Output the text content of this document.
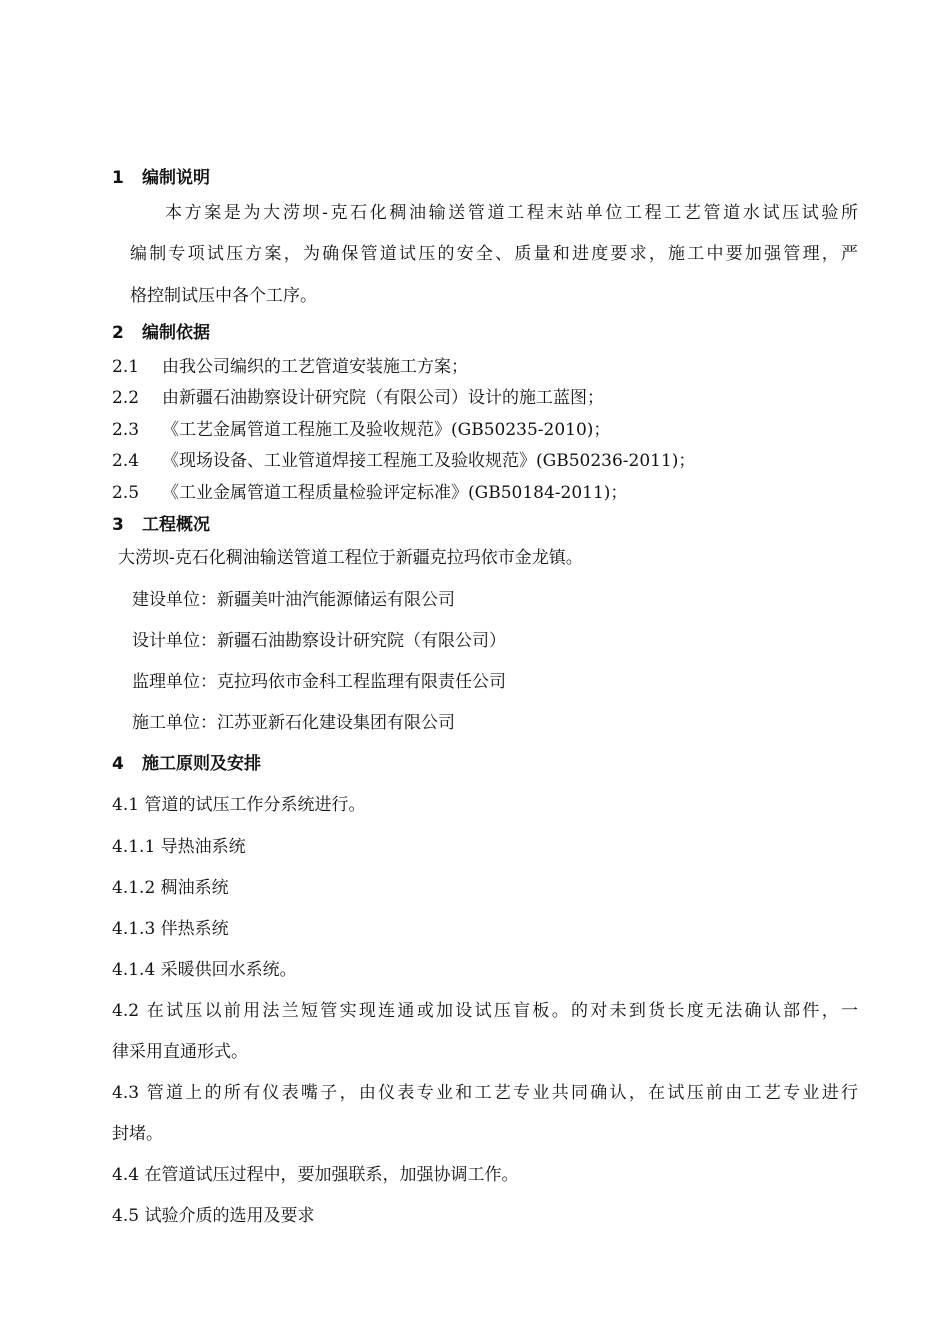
1 编制说明
本方案是为大涝坝-克石化稠油输送管道工程末站单位工程工艺管道水试压试验所
编制专项试压方案，为确保管道试压的安全、质量和进度要求，施工中要加强管理，严
格控制试压中各个工序。
2 编制依据
2.1 由我公司编织的工艺管道安装施工方案；
2.2 由新疆石油勘察设计研究院（有限公司）设计的施工蓝图；
2.3 《工艺金属管道工程施工及验收规范》(GB50235-2010)；
2.4 《现场设备、工业管道焊接工程施工及验收规范》(GB50236-2011)；
2.5 《工业金属管道工程质量检验评定标准》(GB50184-2011)；
3 工程概况
大涝坝-克石化稠油输送管道工程位于新疆克拉玛依市金龙镇。
建设单位：新疆美叶油汽能源储运有限公司
设计单位：新疆石油勘察设计研究院（有限公司）
监理单位：克拉玛依市金科工程监理有限责任公司
施工单位：江苏亚新石化建设集团有限公司
4 施工原则及安排
4.1 管道的试压工作分系统进行。
4.1.1 导热油系统
4.1.2 稠油系统
4.1.3 伴热系统
4.1.4 采暖供回水系统。
4.2 在试压以前用法兰短管实现连通或加设试压盲板。的对未到货长度无法确认部件，一
律采用直通形式。
4.3 管道上的所有仪表嘴子，由仪表专业和工艺专业共同确认，在试压前由工艺专业进行
封堵。
4.4 在管道试压过程中，要加强联系，加强协调工作。
4.5 试验介质的选用及要求
